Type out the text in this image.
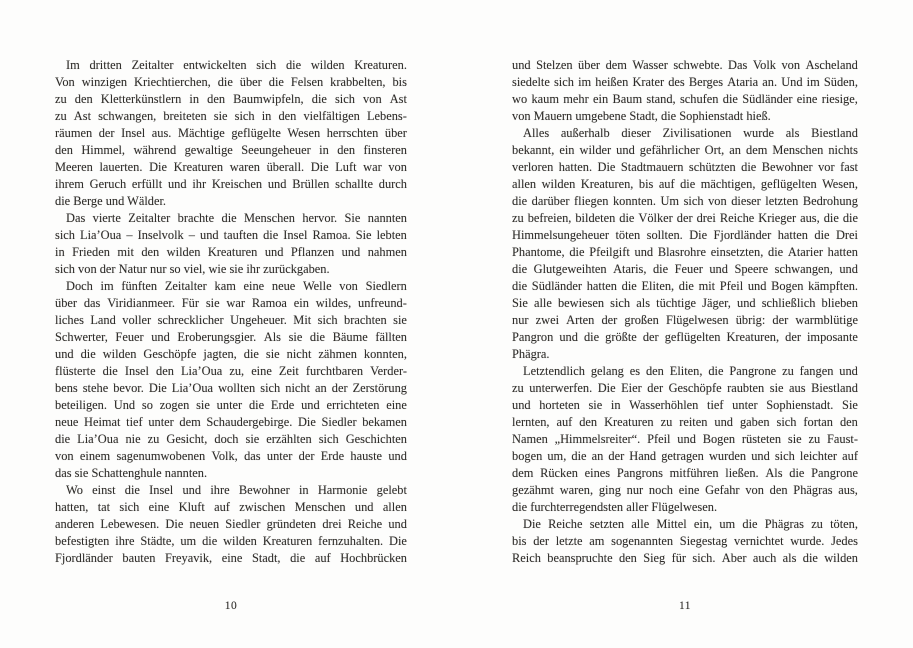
Im dritten Zeitalter entwickelten sich die wilden Kreaturen.
Von winzigen Kriechtierchen, die über die Felsen krabbelten, bis
zu den Kletterkünstlern in den Baumwipfeln, die sich von Ast
zu Ast schwangen, breiteten sie sich in den vielfältigen Lebens-
räumen der Insel aus. Mächtige geflügelte Wesen herrschten über
den Himmel, während gewaltige Seeungeheuer in den finsteren
Meeren lauerten. Die Kreaturen waren überall. Die Luft war von
ihrem Geruch erfüllt und ihr Kreischen und Brüllen schallte durch
die Berge und Wälder.
Das vierte Zeitalter brachte die Menschen hervor. Sie nannten
sich Lia’Oua – Inselvolk – und tauften die Insel Ramoa. Sie lebten
in Frieden mit den wilden Kreaturen und Pflanzen und nahmen
sich von der Natur nur so viel, wie sie ihr zurückgaben.
Doch im fünften Zeitalter kam eine neue Welle von Siedlern
über das Viridianmeer. Für sie war Ramoa ein wildes, unfreund-
liches Land voller schrecklicher Ungeheuer. Mit sich brachten sie
Schwerter, Feuer und Eroberungsgier. Als sie die Bäume fällten
und die wilden Geschöpfe jagten, die sie nicht zähmen konnten,
flüsterte die Insel den Lia’Oua zu, eine Zeit furchtbaren Verder-
bens stehe bevor. Die Lia’Oua wollten sich nicht an der Zerstörung
beteiligen. Und so zogen sie unter die Erde und errichteten eine
neue Heimat tief unter dem Schaudergebirge. Die Siedler bekamen
die Lia’Oua nie zu Gesicht, doch sie erzählten sich Geschichten
von einem sagenumwobenen Volk, das unter der Erde hauste und
das sie Schattenghule nannten.
Wo einst die Insel und ihre Bewohner in Harmonie gelebt
hatten, tat sich eine Kluft auf zwischen Menschen und allen
anderen Lebewesen. Die neuen Siedler gründeten drei Reiche und
befestigten ihre Städte, um die wilden Kreaturen fernzuhalten. Die
Fjordländer bauten Freyavik, eine Stadt, die auf Hochbrücken
10
und Stelzen über dem Wasser schwebte. Das Volk von Ascheland
siedelte sich im heißen Krater des Berges Ataria an. Und im Süden,
wo kaum mehr ein Baum stand, schufen die Südländer eine riesige,
von Mauern umgebene Stadt, die Sophienstadt hieß.
Alles außerhalb dieser Zivilisationen wurde als Biestland
bekannt, ein wilder und gefährlicher Ort, an dem Menschen nichts
verloren hatten. Die Stadtmauern schützten die Bewohner vor fast
allen wilden Kreaturen, bis auf die mächtigen, geflügelten Wesen,
die darüber fliegen konnten. Um sich von dieser letzten Bedrohung
zu befreien, bildeten die Völker der drei Reiche Krieger aus, die die
Himmelsungeheuer töten sollten. Die Fjordländer hatten die Drei
Phantome, die Pfeilgift und Blasrohre einsetzten, die Atarier hatten
die Glutgeweihten Ataris, die Feuer und Speere schwangen, und
die Südländer hatten die Eliten, die mit Pfeil und Bogen kämpften.
Sie alle bewiesen sich als tüchtige Jäger, und schließlich blieben
nur zwei Arten der großen Flügelwesen übrig: der warmblütige
Pangron und die größte der geflügelten Kreaturen, der imposante
Phägra.
Letztendlich gelang es den Eliten, die Pangrone zu fangen und
zu unterwerfen. Die Eier der Geschöpfe raubten sie aus Biestland
und horteten sie in Wasserhöhlen tief unter Sophienstadt. Sie
lernten, auf den Kreaturen zu reiten und gaben sich fortan den
Namen „Himmelsreiter“. Pfeil und Bogen rüsteten sie zu Faust-
bogen um, die an der Hand getragen wurden und sich leichter auf
dem Rücken eines Pangrons mitführen ließen. Als die Pangrone
gezähmt waren, ging nur noch eine Gefahr von den Phägras aus,
die furchterregendsten aller Flügelwesen.
Die Reiche setzten alle Mittel ein, um die Phägras zu töten,
bis der letzte am sogenannten Siegestag vernichtet wurde. Jedes
Reich beanspruchte den Sieg für sich. Aber auch als die wilden
11
